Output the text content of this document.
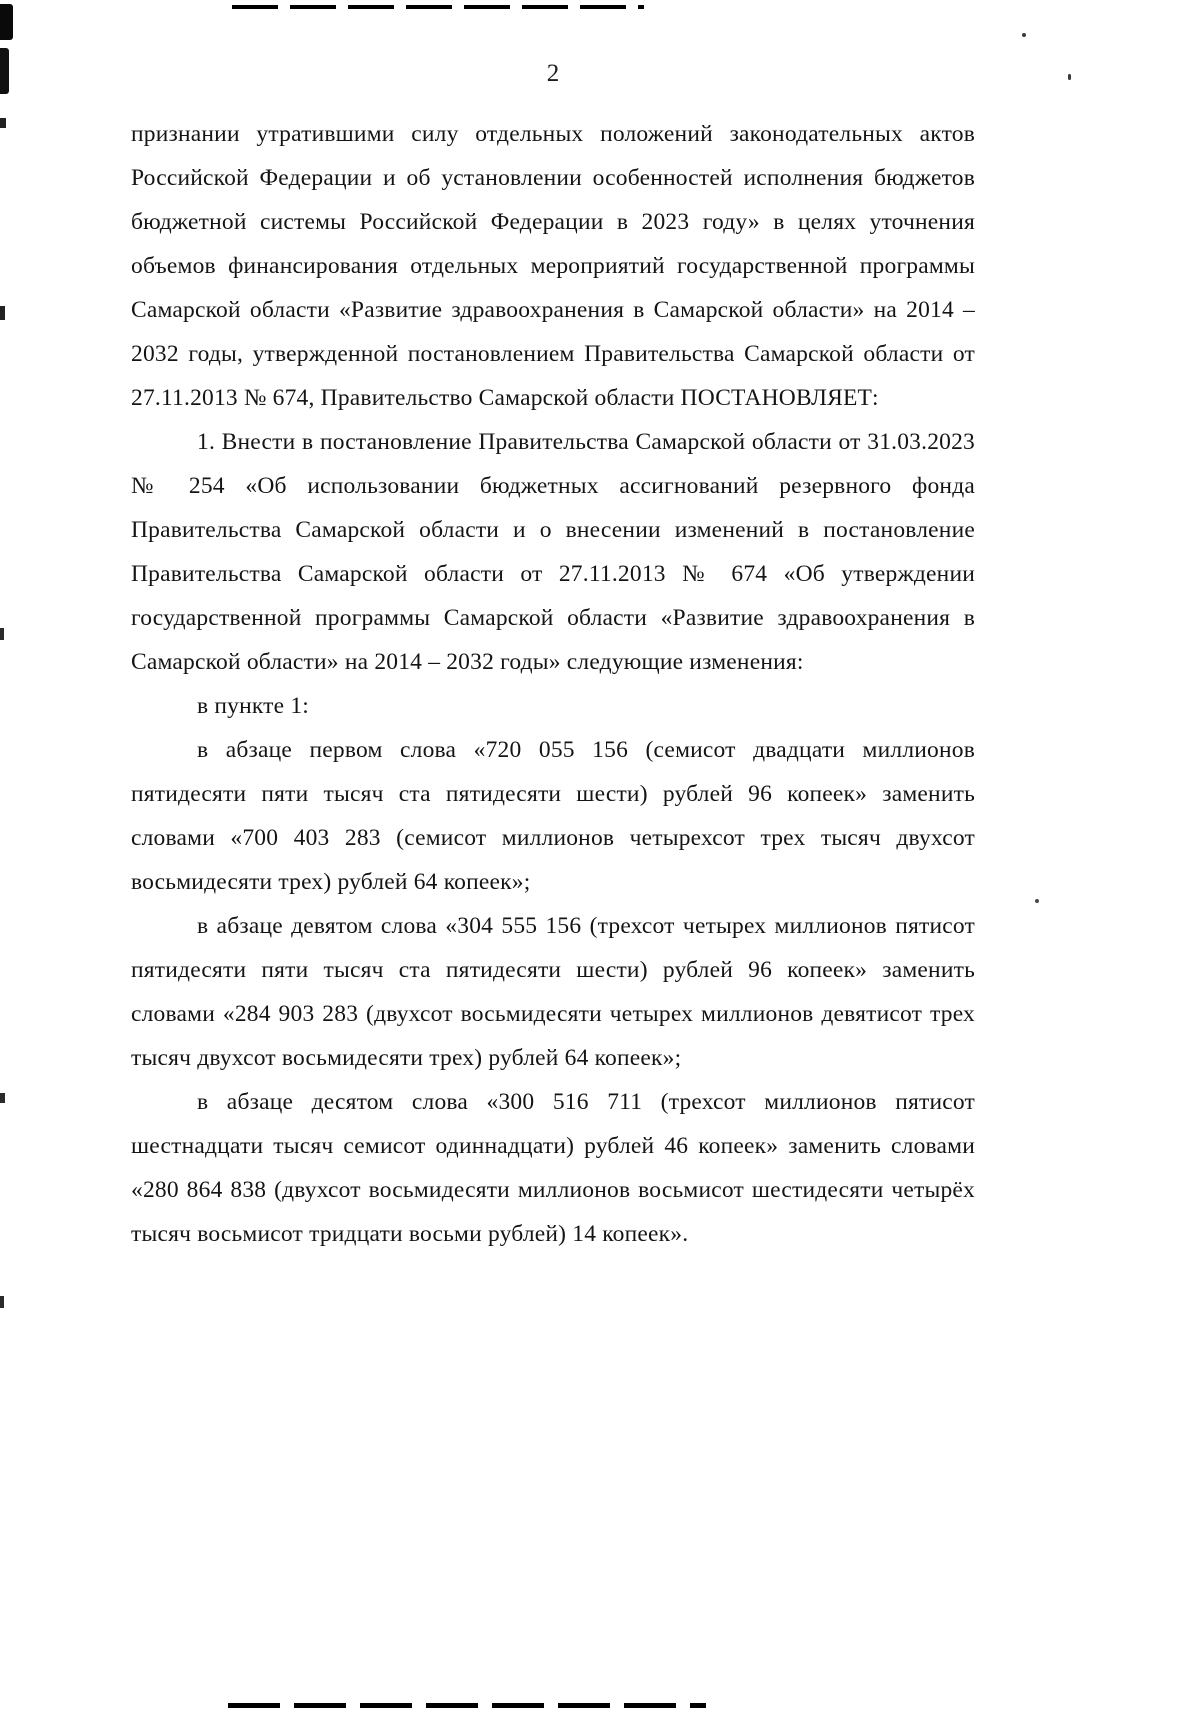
2

признании утратившими силу отдельных положений законодательных актов Российской Федерации и об установлении особенностей исполнения бюджетов бюджетной системы Российской Федерации в 2023 году» в целях уточнения объемов финансирования отдельных мероприятий государственной программы Самарской области «Развитие здравоохранения в Самарской области» на 2014 – 2032 годы, утвержденной постановлением Правительства Самарской области от 27.11.2013 № 674, Правительство Самарской области ПОСТАНОВЛЯЕТ:

1. Внести в постановление Правительства Самарской области от 31.03.2023 № 254 «Об использовании бюджетных ассигнований резервного фонда Правительства Самарской области и о внесении изменений в постановление Правительства Самарской области от 27.11.2013 № 674 «Об утверждении государственной программы Самарской области «Развитие здравоохранения в Самарской области» на 2014 – 2032 годы» следующие изменения:

в пункте 1:

в абзаце первом слова «720 055 156 (семисот двадцати миллионов пятидесяти пяти тысяч ста пятидесяти шести) рублей 96 копеек» заменить словами «700 403 283 (семисот миллионов четырехсот трех тысяч двухсот восьмидесяти трех) рублей 64 копеек»;

в абзаце девятом слова «304 555 156 (трехсот четырех миллионов пятисот пятидесяти пяти тысяч ста пятидесяти шести) рублей 96 копеек» заменить словами «284 903 283 (двухсот восьмидесяти четырех миллионов девятисот трех тысяч двухсот восьмидесяти трех) рублей 64 копеек»;

в абзаце десятом слова «300 516 711 (трехсот миллионов пятисот шестнадцати тысяч семисот одиннадцати) рублей 46 копеек» заменить словами «280 864 838 (двухсот восьмидесяти миллионов восьмисот шестидесяти четырёх тысяч восьмисот тридцати восьми рублей) 14 копеек».
